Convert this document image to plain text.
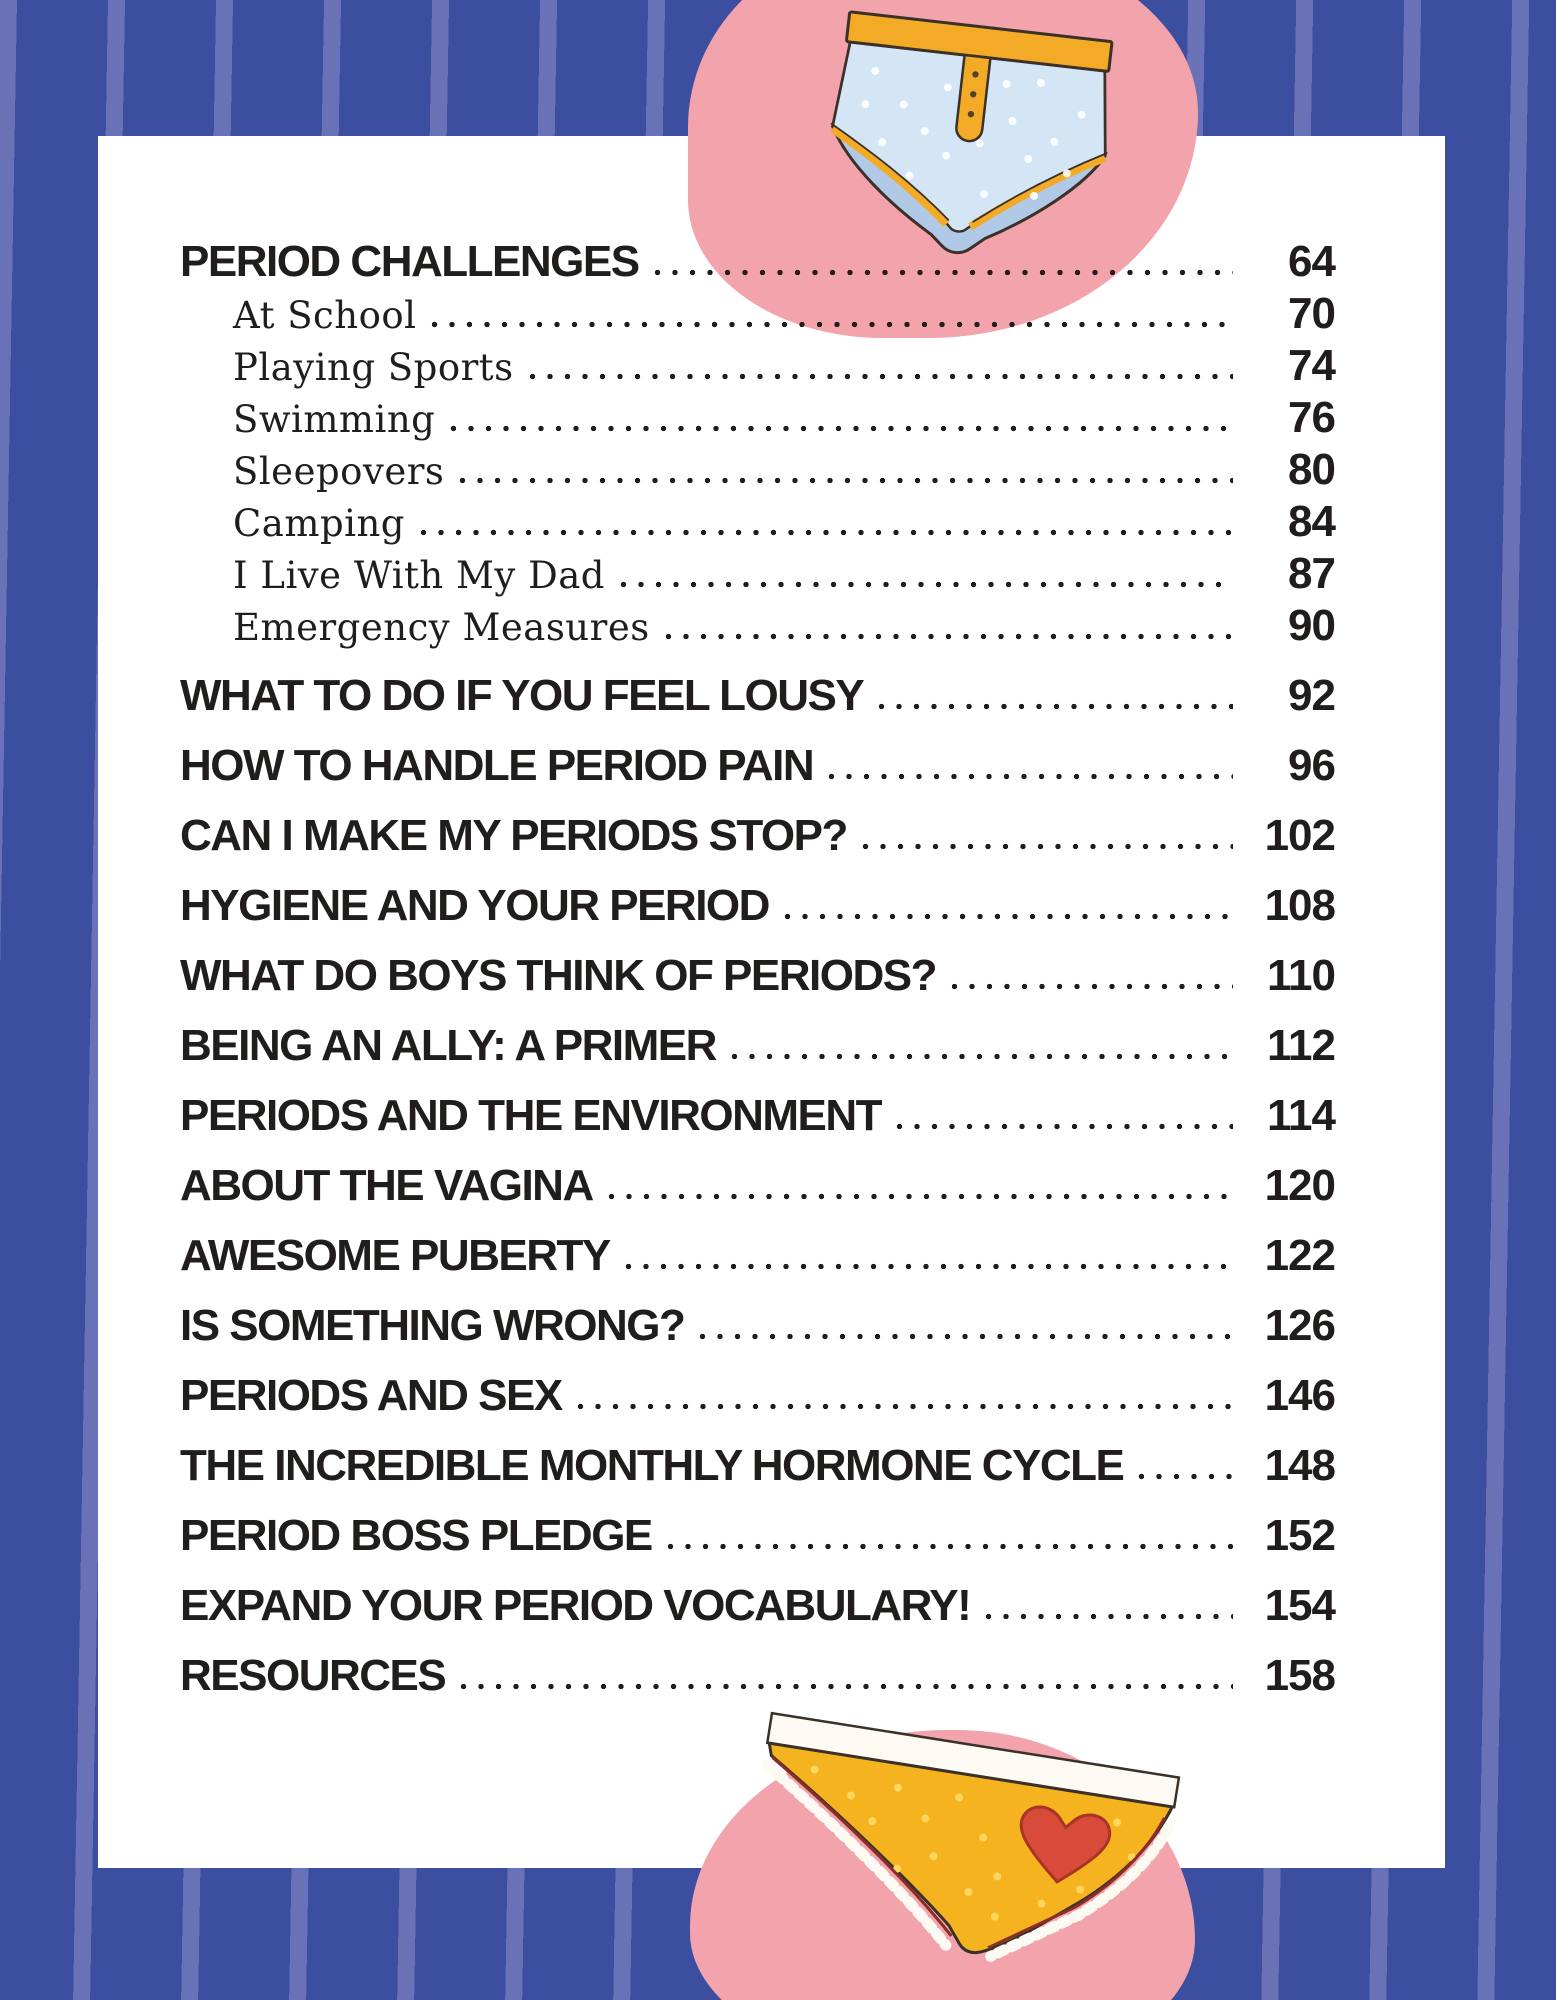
PERIOD CHALLENGES	64
At School	70
Playing Sports	74
Swimming	76
Sleepovers	80
Camping	84
I Live With My Dad	87
Emergency Measures	90
WHAT TO DO IF YOU FEEL LOUSY	92
HOW TO HANDLE PERIOD PAIN	96
CAN I MAKE MY PERIODS STOP?	102
HYGIENE AND YOUR PERIOD	108
WHAT DO BOYS THINK OF PERIODS?	110
BEING AN ALLY: A PRIMER	112
PERIODS AND THE ENVIRONMENT	114
ABOUT THE VAGINA	120
AWESOME PUBERTY	122
IS SOMETHING WRONG?	126
PERIODS AND SEX	146
THE INCREDIBLE MONTHLY HORMONE CYCLE	148
PERIOD BOSS PLEDGE	152
EXPAND YOUR PERIOD VOCABULARY!	154
RESOURCES	158
